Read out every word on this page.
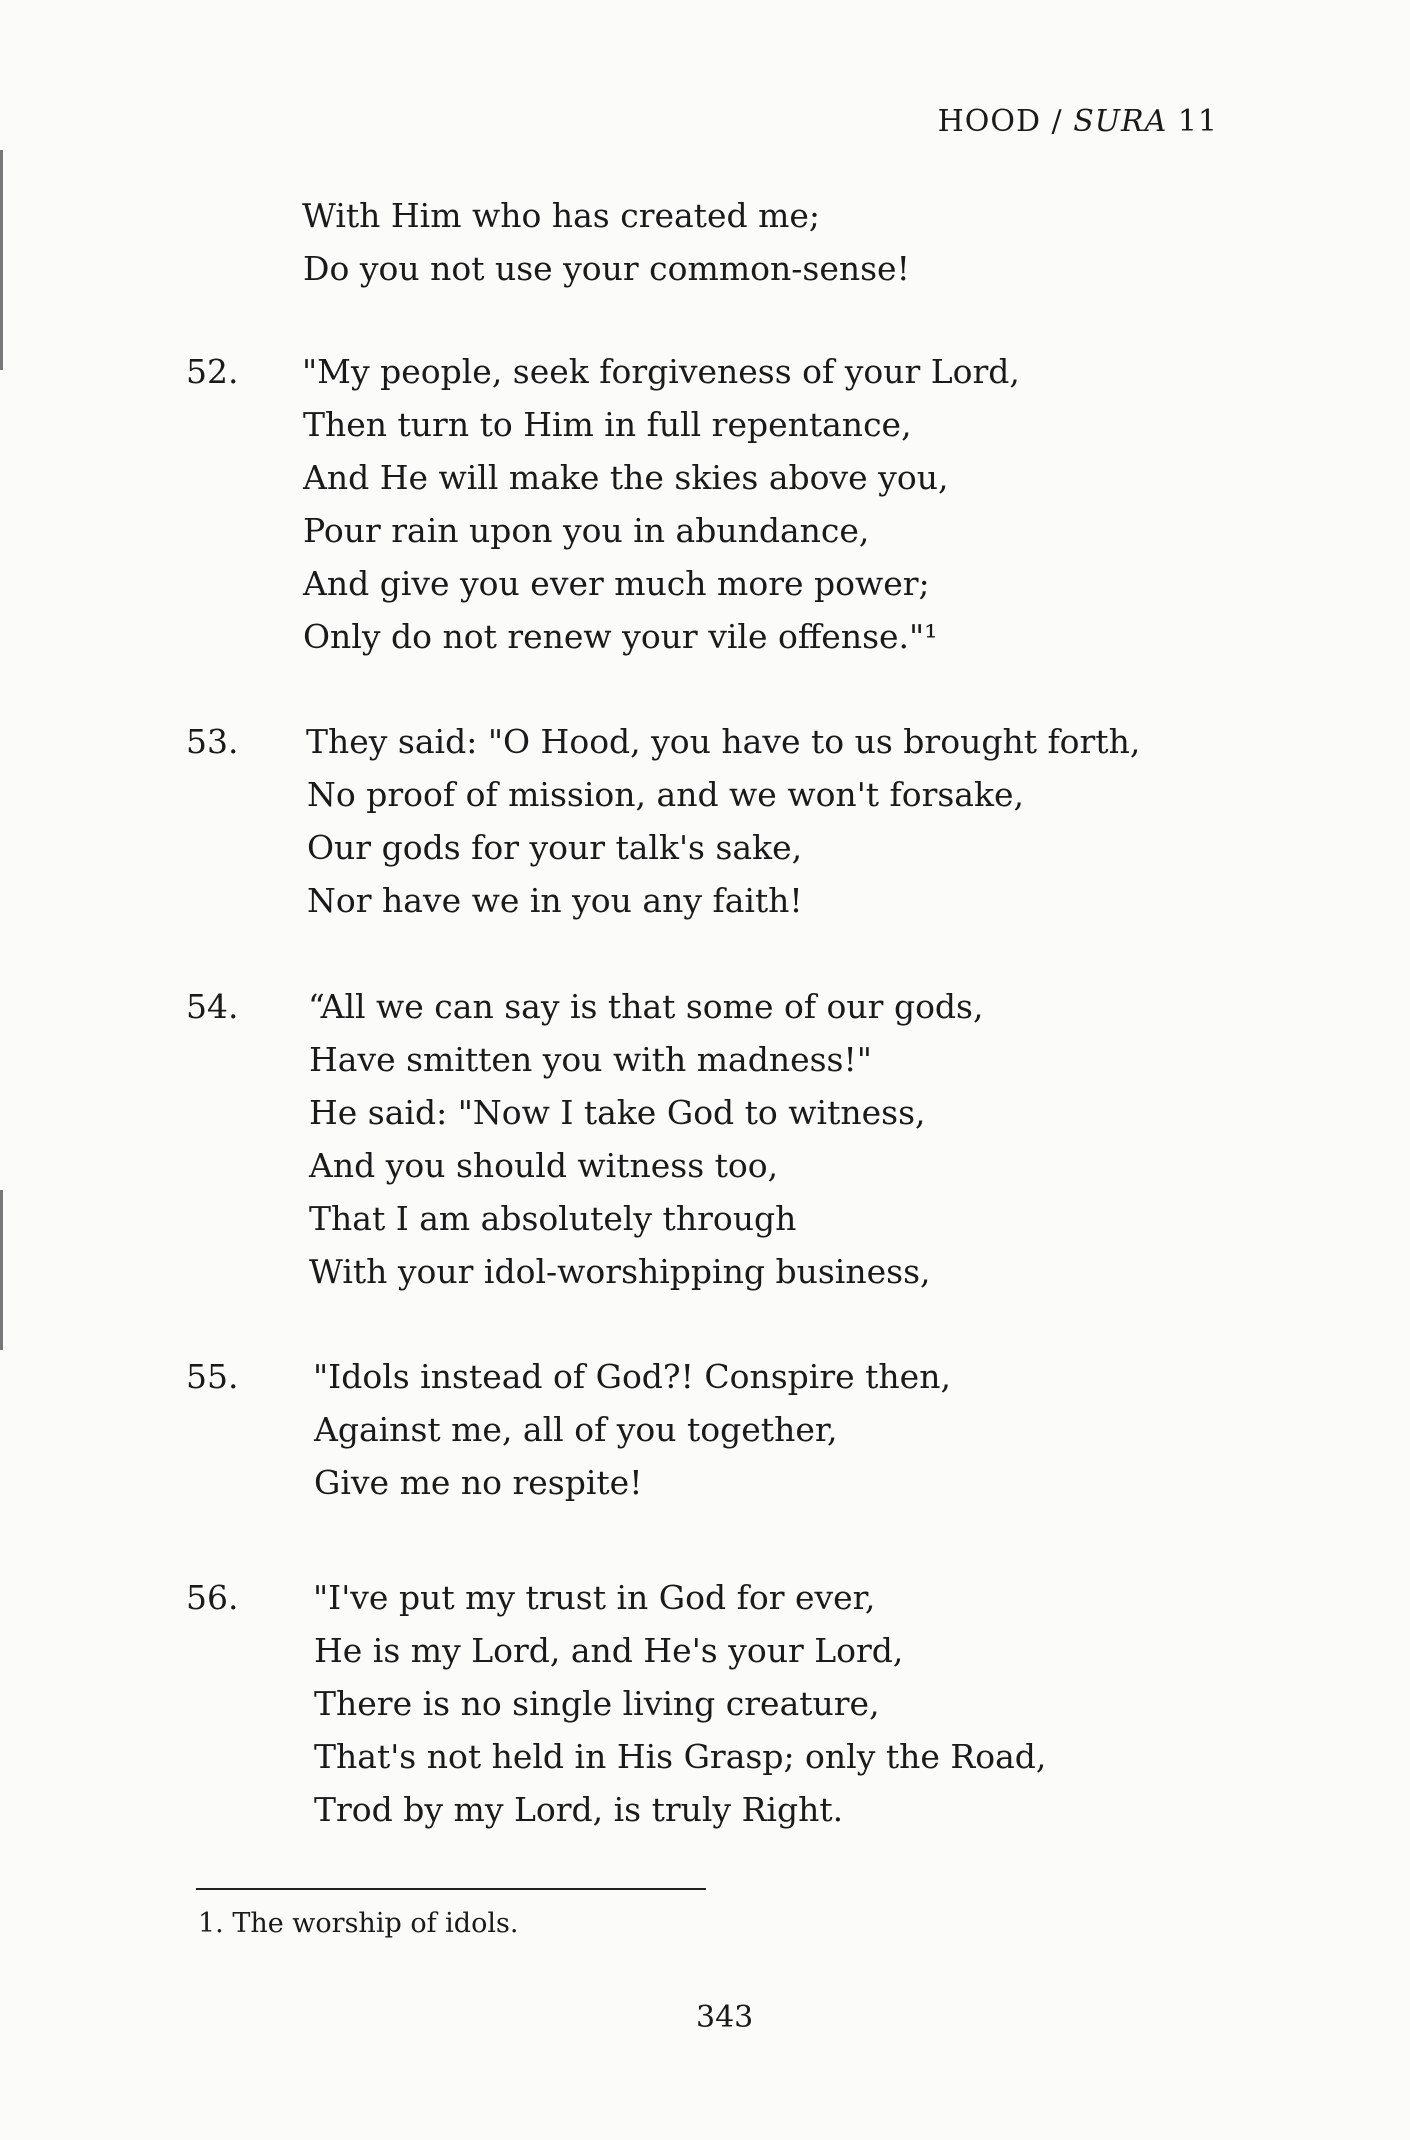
HOOD / SURA 11
With Him who has created me;
Do you not use your common-sense!
52. "My people, seek forgiveness of your Lord,
Then turn to Him in full repentance,
And He will make the skies above you,
Pour rain upon you in abundance,
And give you ever much more power;
Only do not renew your vile offense."¹
53. They said: "O Hood, you have to us brought forth,
No proof of mission, and we won't forsake,
Our gods for your talk's sake,
Nor have we in you any faith!
54. “All we can say is that some of our gods,
Have smitten you with madness!"
He said: "Now I take God to witness,
And you should witness too,
That I am absolutely through
With your idol-worshipping business,
55. "Idols instead of God?! Conspire then,
Against me, all of you together,
Give me no respite!
56. "I've put my trust in God for ever,
He is my Lord, and He's your Lord,
There is no single living creature,
That's not held in His Grasp; only the Road,
Trod by my Lord, is truly Right.
1. The worship of idols.
343
